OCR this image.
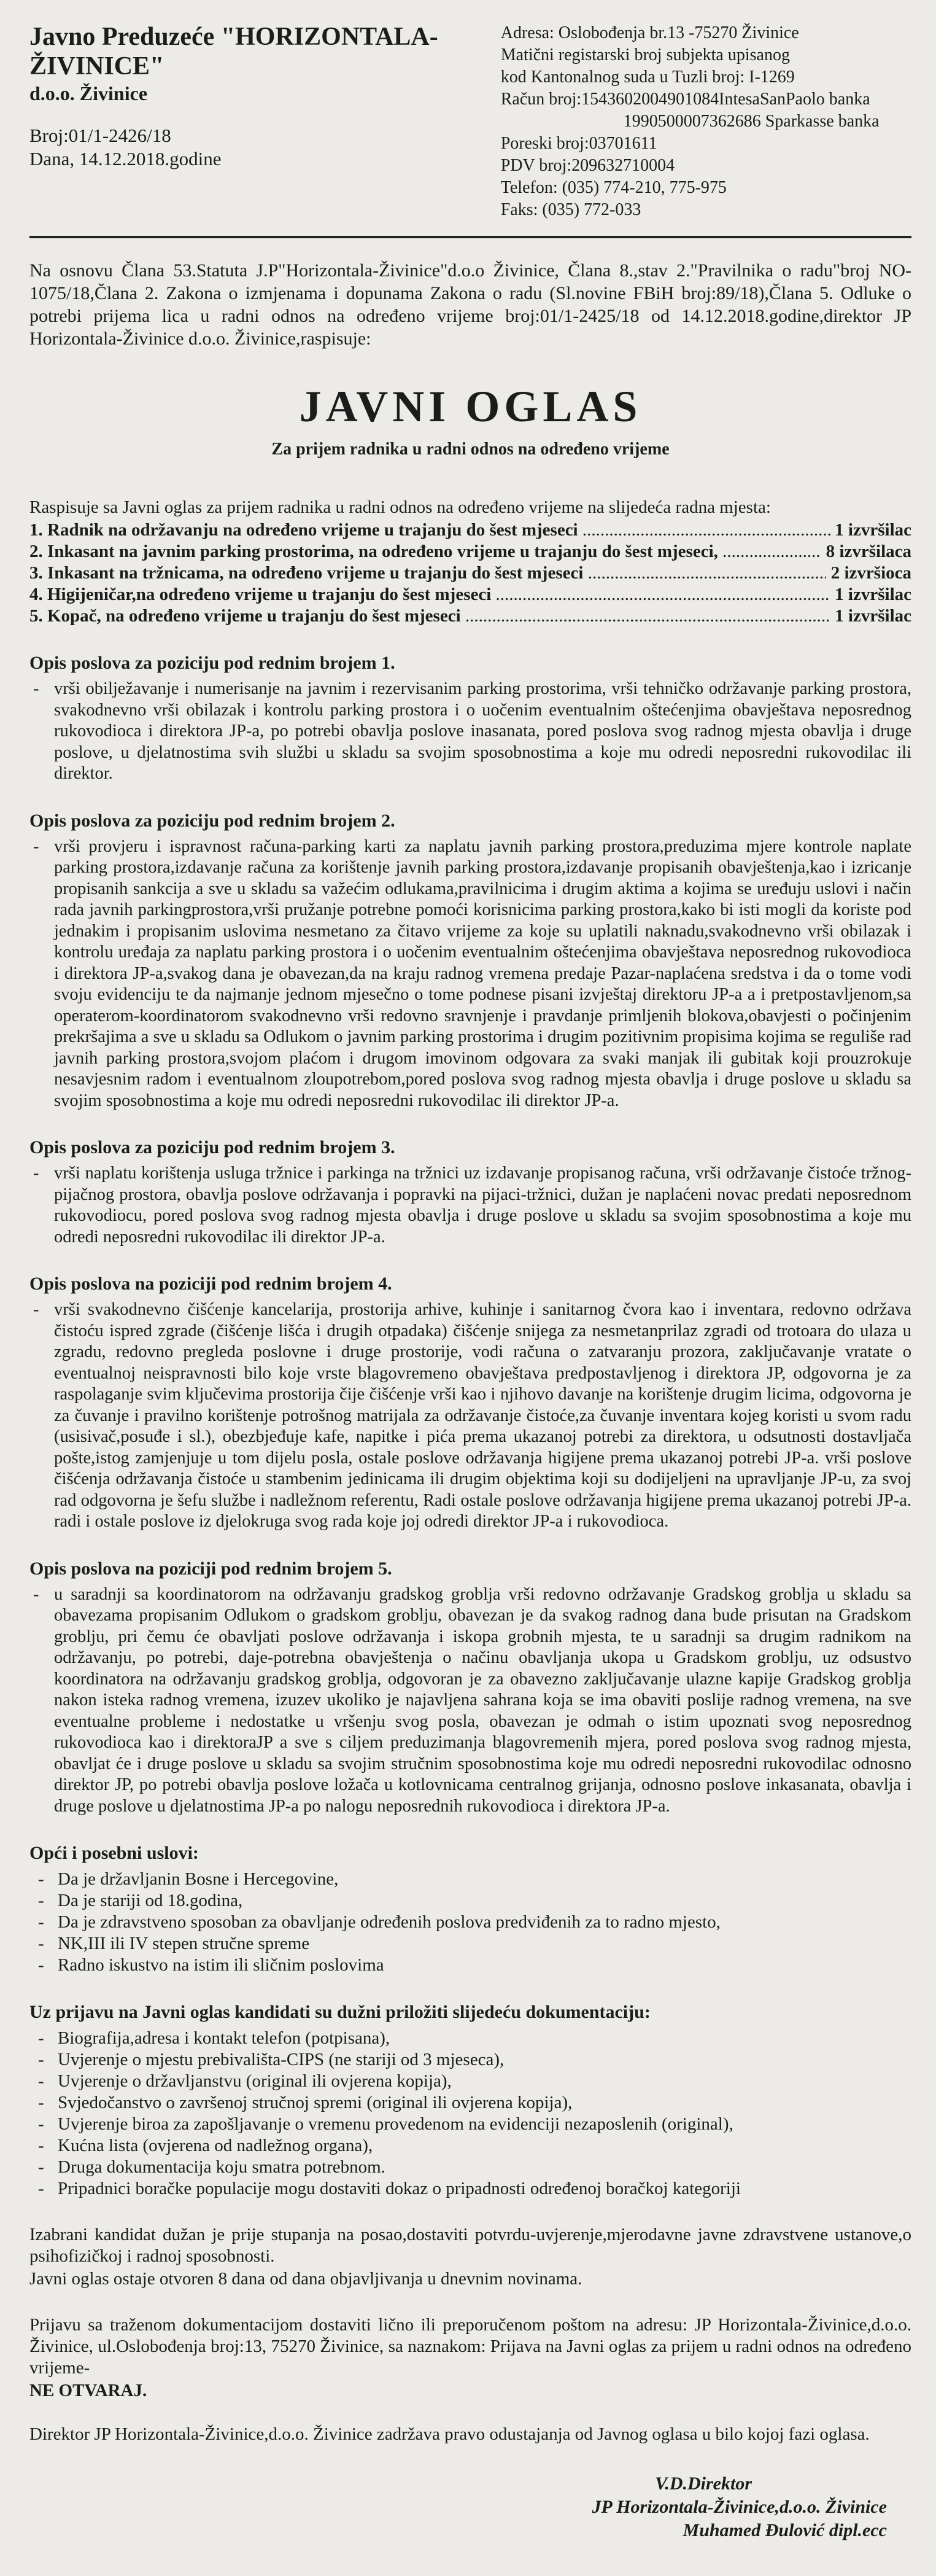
Javno Preduzeće "HORIZONTALA-ŽIVINICE"
d.o.o. Živinice
Broj:01/1-2426/18
Dana, 14.12.2018.godine
Adresa: Oslobođenja br.13 -75270 Živinice
Matični registarski broj subjekta upisanog
kod Kantonalnog suda u Tuzli broj: I-1269
Račun broj:1543602004901084IntesaSanPaolo banka
1990500007362686 Sparkasse banka
Poreski broj:03701611
PDV broj:209632710004
Telefon: (035) 774-210, 775-975
Faks: (035) 772-033
Na osnovu Člana 53.Statuta J.P"Horizontala-Živinice"d.o.o Živinice, Člana 8.,stav 2."Pravilnika o radu"broj NO-1075/18,Člana 2. Zakona o izmjenama i dopunama Zakona o radu (Sl.novine FBiH broj:89/18),Člana 5. Odluke o potrebi prijema lica u radni odnos na određeno vrijeme broj:01/1-2425/18 od 14.12.2018.godine,direktor JP Horizontala-Živinice d.o.o. Živinice,raspisuje:
JAVNI OGLAS
Za prijem radnika u radni odnos na određeno vrijeme
Raspisuje sa Javni oglas za prijem radnika u radni odnos na određeno vrijeme na slijedeća radna mjesta:
1. Radnik na održavanju na određeno vrijeme u trajanju do šest mjeseci .....	1 izvršilac
2. Inkasant na javnim parking prostorima, na određeno vrijeme u trajanju do šest mjeseci, .....	8 izvršilaca
3. Inkasant na tržnicama, na određeno vrijeme u trajanju do šest mjeseci .....	2 izvršioca
4. Higijeničar,na određeno vrijeme u trajanju do šest mjeseci .....	1 izvršilac
5. Kopač, na određeno vrijeme u trajanju do šest mjeseci .....	1 izvršilac
Opis poslova za poziciju pod rednim brojem 1.
- vrši obilježavanje i numerisanje na javnim i rezervisanim parking prostorima, vrši tehničko održavanje parking prostora, svakodnevno vrši obilazak i kontrolu parking prostora i o uočenim eventualnim oštećenjima obavještava neposrednog rukovodioca i direktora JP-a, po potrebi obavlja poslove inasanata, pored poslova svog radnog mjesta obavlja i druge poslove, u djelatnostima svih službi u skladu sa svojim sposobnostima a koje mu odredi neposredni rukovodilac ili direktor.
Opis poslova za poziciju pod rednim brojem 2.
- vrši provjeru i ispravnost računa-parking karti za naplatu javnih parking prostora,preduzima mjere kontrole naplate parking prostora,izdavanje računa za korištenje javnih parking prostora,izdavanje propisanih obavještenja,kao i izricanje propisanih sankcija a sve u skladu sa važećim odlukama,pravilnicima i drugim aktima a kojima se uređuju uslovi i način rada javnih parkingprostora,vrši pružanje potrebne pomoći korisnicima parking prostora,kako bi isti mogli da koriste pod jednakim i propisanim uslovima nesmetano za čitavo vrijeme za koje su uplatili naknadu,svakodnevno vrši obilazak i kontrolu uređaja za naplatu parking prostora i o uočenim eventualnim oštećenjima obavještava neposrednog rukovodioca i direktora JP-a,svakog dana je obavezan,da na kraju radnog vremena predaje Pazar-naplaćena sredstva i da o tome vodi svoju evidenciju te da najmanje jednom mjesečno o tome podnese pisani izvještaj direktoru JP-a a i pretpostavljenom,sa operaterom-koordinatorom svakodnevno vrši redovno sravnjenje i pravdanje primljenih blokova,obavjesti o počinjenim prekršajima a sve u skladu sa Odlukom o javnim parking prostorima i drugim pozitivnim propisima kojima se reguliše rad javnih parking prostora,svojom plaćom i drugom imovinom odgovara za svaki manjak ili gubitak koji prouzrokuje nesavjesnim radom i eventualnom zloupotrebom,pored poslova svog radnog mjesta obavlja i druge poslove u skladu sa svojim sposobnostima a koje mu odredi neposredni rukovodilac ili direktor JP-a.
Opis poslova za poziciju pod rednim brojem 3.
- vrši naplatu korištenja usluga tržnice i parkinga na tržnici uz izdavanje propisanog računa, vrši održavanje čistoće tržnog-pijačnog prostora, obavlja poslove održavanja i popravki na pijaci-tržnici, dužan je naplaćeni novac predati neposrednom rukovodiocu, pored poslova svog radnog mjesta obavlja i druge poslove u skladu sa svojim sposobnostima a koje mu odredi neposredni rukovodilac ili direktor JP-a.
Opis poslova na poziciji pod rednim brojem 4.
- vrši svakodnevno čišćenje kancelarija, prostorija arhive, kuhinje i sanitarnog čvora kao i inventara, redovno održava čistoću ispred zgrade (čišćenje lišća i drugih otpadaka) čišćenje snijega za nesmetanprilaz zgradi od trotoara do ulaza u zgradu, redovno pregleda poslovne i druge prostorije, vodi računa o zatvaranju prozora, zaključavanje vratate o eventualnoj neispravnosti bilo koje vrste blagovremeno obavještava predpostavljenog i direktora JP, odgovorna je za raspolaganje svim ključevima prostorija čije čišćenje vrši kao i njihovo davanje na korištenje drugim licima, odgovorna je za čuvanje i pravilno korištenje potrošnog matrijala za održavanje čistoće,za čuvanje inventara kojeg koristi u svom radu (usisivač,posuđe i sl.), obezbjeđuje kafe, napitke i pića prema ukazanoj potrebi za direktora, u odsutnosti dostavljača pošte,istog zamjenjuje u tom dijelu posla, ostale poslove održavanja higijene prema ukazanoj potrebi JP-a. vrši poslove čišćenja održavanja čistoće u stambenim jedinicama ili drugim objektima koji su dodijeljeni na upravljanje JP-u, za svoj rad odgovorna je šefu službe i nadležnom referentu, Radi ostale poslove održavanja higijene prema ukazanoj potrebi JP-a. radi i ostale poslove iz djelokruga svog rada koje joj odredi direktor JP-a i rukovodioca.
Opis poslova na poziciji pod rednim brojem 5.
- u saradnji sa koordinatorom na održavanju gradskog groblja vrši redovno održavanje Gradskog groblja u skladu sa obavezama propisanim Odlukom o gradskom groblju, obavezan je da svakog radnog dana bude prisutan na Gradskom groblju, pri čemu će obavljati poslove održavanja i iskopa grobnih mjesta, te u saradnji sa drugim radnikom na održavanju, po potrebi, daje-potrebna obavještenja o načinu obavljanja ukopa u Gradskom groblju, uz odsustvo koordinatora na održavanju gradskog groblja, odgovoran je za obavezno zaključavanje ulazne kapije Gradskog groblja nakon isteka radnog vremena, izuzev ukoliko je najavljena sahrana koja se ima obaviti poslije radnog vremena, na sve eventualne probleme i nedostatke u vršenju svog posla, obavezan je odmah o istim upoznati svog neposrednog rukovodioca kao i direktoraJP a sve s ciljem preduzimanja blagovremenih mjera, pored poslova svog radnog mjesta, obavljat će i druge poslove u skladu sa svojim stručnim sposobnostima koje mu odredi neposredni rukovodilac odnosno direktor JP, po potrebi obavlja poslove ložača u kotlovnicama centralnog grijanja, odnosno poslove inkasanata, obavlja i druge poslove u djelatnostima JP-a po nalogu neposrednih rukovodioca i direktora JP-a.
Opći i posebni uslovi:
- Da je državljanin Bosne i Hercegovine,
- Da je stariji od 18.godina,
- Da je zdravstveno sposoban za obavljanje određenih poslova predviđenih za to radno mjesto,
- NK,III ili IV stepen stručne spreme
- Radno iskustvo na istim ili sličnim poslovima
Uz prijavu na Javni oglas kandidati su dužni priložiti slijedeću dokumentaciju:
- Biografija,adresa i kontakt telefon (potpisana),
- Uvjerenje o mjestu prebivališta-CIPS (ne stariji od 3 mjeseca),
- Uvjerenje o državljanstvu (original ili ovjerena kopija),
- Svjedočanstvo o završenoj stručnoj spremi (original ili ovjerena kopija),
- Uvjerenje biroa za zapošljavanje o vremenu provedenom na evidenciji nezaposlenih (original),
- Kućna lista (ovjerena od nadležnog organa),
- Druga dokumentacija koju smatra potrebnom.
- Pripadnici boračke populacije mogu dostaviti dokaz o pripadnosti određenoj boračkoj kategoriji
Izabrani kandidat dužan je prije stupanja na posao,dostaviti potvrdu-uvjerenje,mjerodavne javne zdravstvene ustanove,o psihofizičkoj i radnoj sposobnosti.
Javni oglas ostaje otvoren 8 dana od dana objavljivanja u dnevnim novinama.
Prijavu sa traženom dokumentacijom dostaviti lično ili preporučenom poštom na adresu: JP Horizontala-Živinice,d.o.o. Živinice, ul.Oslobođenja broj:13, 75270 Živinice, sa naznakom: Prijava na Javni oglas za prijem u radni odnos na određeno vrijeme-
NE OTVARAJ.
Direktor JP Horizontala-Živinice,d.o.o. Živinice zadržava pravo odustajanja od Javnog oglasa u bilo kojoj fazi oglasa.
V.D.Direktor
JP Horizontala-Živinice,d.o.o. Živinice
Muhamed Đulović dipl.ecc
